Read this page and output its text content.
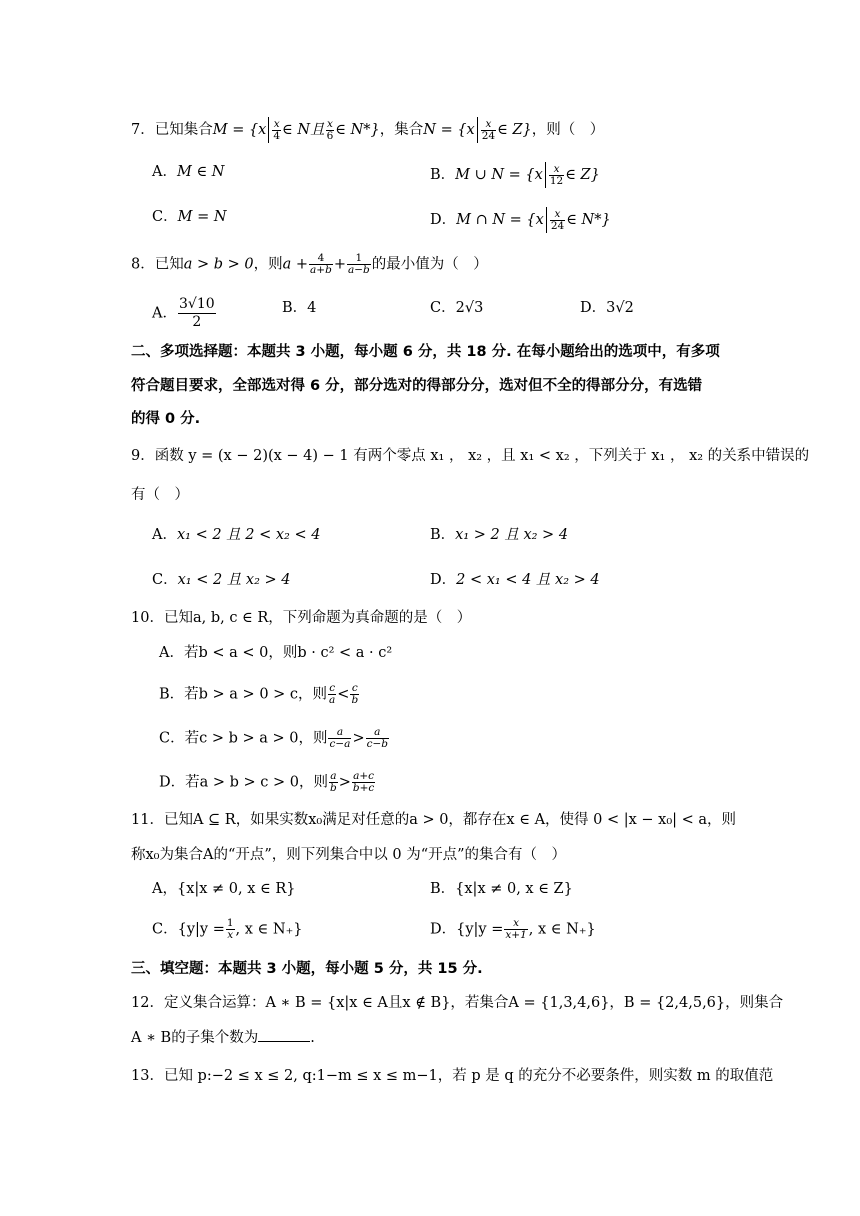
7．已知集合$M = \{x \frac{x}{4}$ ∈ N且 $\frac{x}{6}$ ∈ N*}，集合$N = \{x \frac{x}{24}$ ∈ Z}，则（　）
A．M ∈ N	B．M ∪ $N = \{x \frac{x}{12}$ ∈ Z}
C．M = N	D．M ∩ $N = \{x \frac{x}{24}$ ∈ N*}
8．已知a > b > 0，则$a + \frac{4}{a+b} + \frac{1}{a-b}$ 的最小值为（　）
A． $\frac{3√10}{2}$	B．4	C．2√3	D．3√2
二、多项选择题：本题共 3 小题，每小题 6 分，共 18 分. 在每小题给出的选项中，有多项
符合题目要求，全部选对得 6 分，部分选对的得部分分，选对但不全的得部分分，有选错
的得 0 分.
9．函数 y = (x − 2)(x − 4) − 1 有两个零点 x₁ ， x₂ ，且 x₁ < x₂ ，下列关于 x₁ ， x₂ 的关系中错误的
有（　）
A．x₁ < 2 且 2 < x₂ < 4	B．x₁ > 2 且 x₂ > 4
C．x₁ < 2 且 x₂ > 4	D．2 < x₁ < 4 且 x₂ > 4
10．已知a, b, c ∈ R，下列命题为真命题的是（　）
A．若b < a < 0，则b · c² < a · c²
B．若b > a > 0 > c，则 $\frac{c}{a} < \frac{c}{b}$
C．若c > b > a > 0，则 $\frac{a}{c-a} > \frac{a}{c-b}$
D．若a > b > c > 0，则 $\frac{a}{b} > \frac{a+c}{b+c}$
11．已知A ⊆ R，如果实数x₀满足对任意的a > 0，都存在x ∈ A，使得 0 < |x − x₀| < a，则
称x₀为集合A的“开点”，则下列集合中以 0 为“开点”的集合有（　）
A，{x|x ≠ 0, x ∈ R}	B．{x|x ≠ 0, x ∈ Z}
C．{$y|y = \frac{1}{x}$ , x ∈ N₊}	D．{$y|y = \frac{x}{x+1}$ , x ∈ N₊}
三、填空题：本题共 3 小题，每小题 5 分，共 15 分.
12．定义集合运算：A ∗ B = {x|x ∈ A且x ∉ B}，若集合A = {1,3,4,6}，B = {2,4,5,6}，则集合
A ∗ B的子集个数为	.
13．已知 p:−2 ≤ x ≤ 2, q:1−m ≤ x ≤ m−1，若 p 是 q 的充分不必要条件，则实数 m 的取值范
